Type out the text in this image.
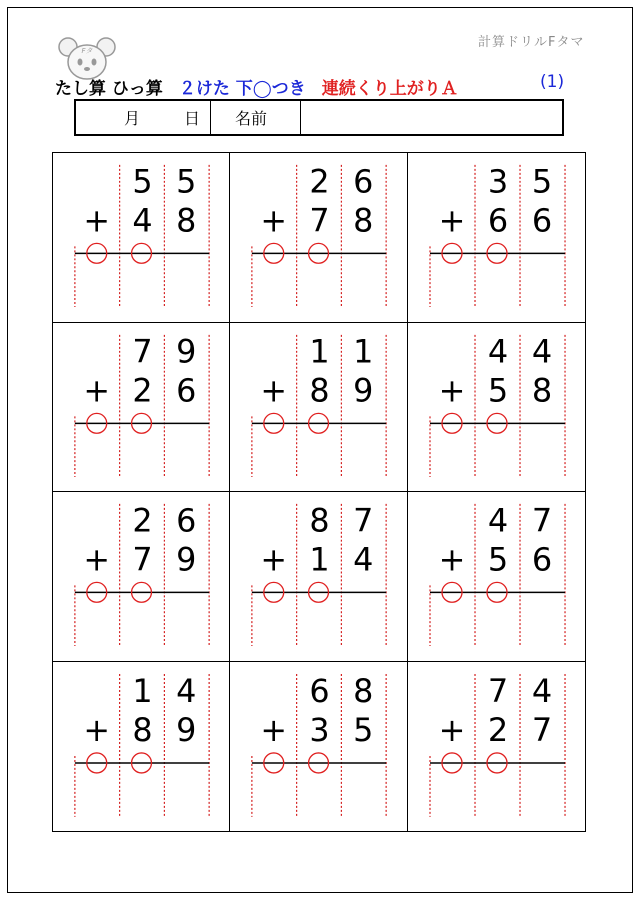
Fタ
計算ドリルFタマ
たし算 ひっ算 ２けた 下◯つき 連続くり上がりＡ	(1)
月	日	名前
5 5
+ 4 8
2 6
+ 7 8
3 5
+ 6 6
7 9
+ 2 6
1 1
+ 8 9
4 4
+ 5 8
2 6
+ 7 9
8 7
+ 1 4
4 7
+ 5 6
1 4
+ 8 9
6 8
+ 3 5
7 4
+ 2 7
